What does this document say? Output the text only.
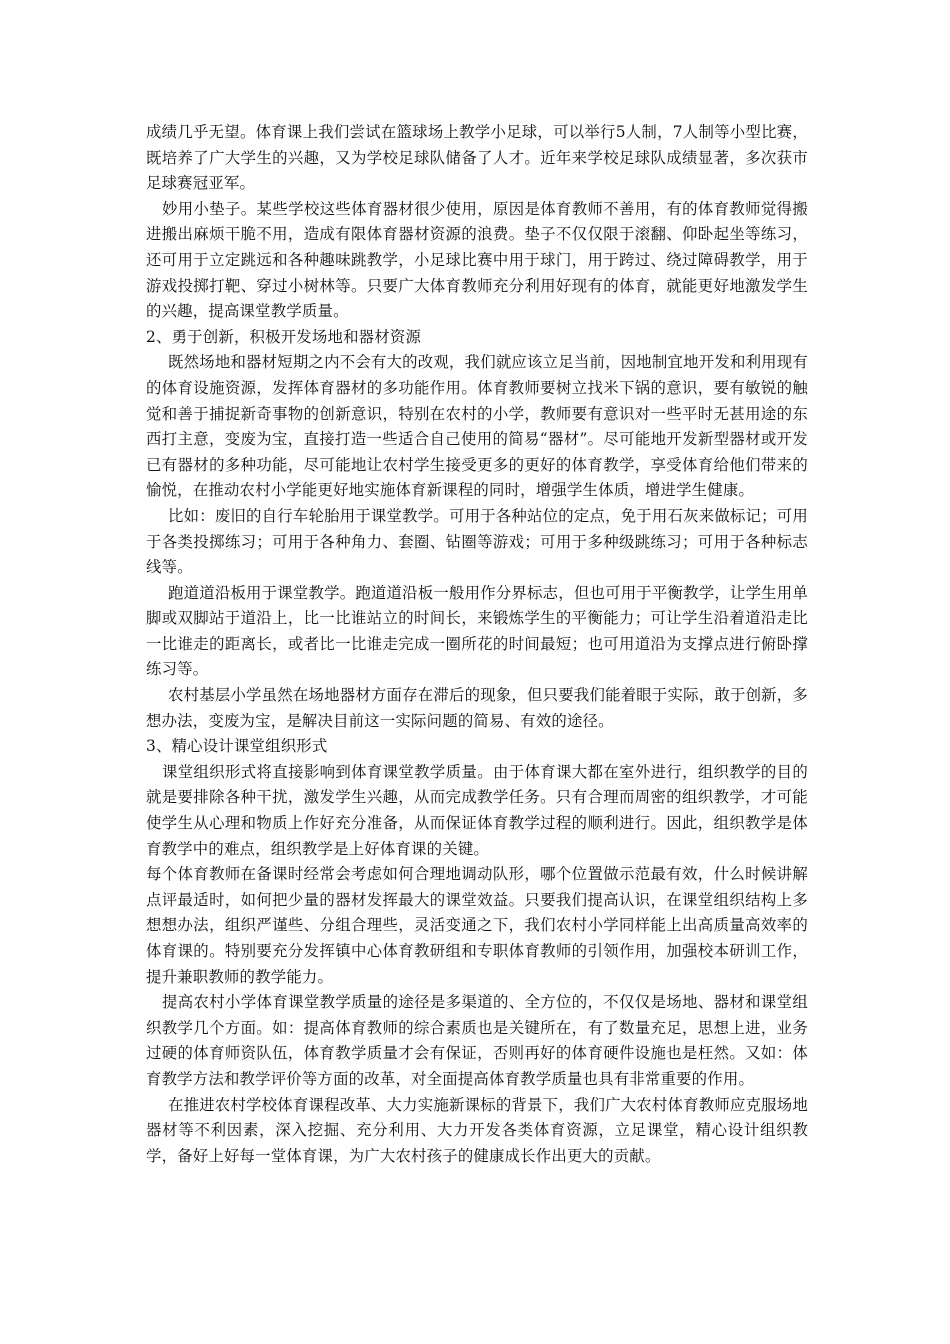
成绩几乎无望。体育课上我们尝试在篮球场上教学小足球，可以举行5人制，7人制等小型比赛，既培养了广大学生的兴趣，又为学校足球队储备了人才。近年来学校足球队成绩显著，多次获市足球赛冠亚军。

妙用小垫子。某些学校这些体育器材很少使用，原因是体育教师不善用，有的体育教师觉得搬进搬出麻烦干脆不用，造成有限体育器材资源的浪费。垫子不仅仅限于滚翻、仰卧起坐等练习，还可用于立定跳远和各种趣味跳教学，小足球比赛中用于球门，用于跨过、绕过障碍教学，用于游戏投掷打靶、穿过小树林等。只要广大体育教师充分利用好现有的体育，就能更好地激发学生的兴趣，提高课堂教学质量。

2、勇于创新，积极开发场地和器材资源

既然场地和器材短期之内不会有大的改观，我们就应该立足当前，因地制宜地开发和利用现有的体育设施资源，发挥体育器材的多功能作用。体育教师要树立找米下锅的意识，要有敏锐的触觉和善于捕捉新奇事物的创新意识，特别在农村的小学，教师要有意识对一些平时无甚用途的东西打主意，变废为宝，直接打造一些适合自己使用的简易“器材”。尽可能地开发新型器材或开发已有器材的多种功能，尽可能地让农村学生接受更多的更好的体育教学，享受体育给他们带来的愉悦，在推动农村小学能更好地实施体育新课程的同时，增强学生体质，增进学生健康。

比如：废旧的自行车轮胎用于课堂教学。可用于各种站位的定点，免于用石灰来做标记；可用于各类投掷练习；可用于各种角力、套圈、钻圈等游戏；可用于多种级跳练习；可用于各种标志线等。

跑道道沿板用于课堂教学。跑道道沿板一般用作分界标志，但也可用于平衡教学，让学生用单脚或双脚站于道沿上，比一比谁站立的时间长，来锻炼学生的平衡能力；可让学生沿着道沿走比一比谁走的距离长，或者比一比谁走完成一圈所花的时间最短；也可用道沿为支撑点进行俯卧撑练习等。

农村基层小学虽然在场地器材方面存在滞后的现象，但只要我们能着眼于实际，敢于创新，多想办法，变废为宝，是解决目前这一实际问题的简易、有效的途径。

3、精心设计课堂组织形式

课堂组织形式将直接影响到体育课堂教学质量。由于体育课大都在室外进行，组织教学的目的就是要排除各种干扰，激发学生兴趣，从而完成教学任务。只有合理而周密的组织教学，才可能使学生从心理和物质上作好充分准备，从而保证体育教学过程的顺利进行。因此，组织教学是体育教学中的难点，组织教学是上好体育课的关键。

每个体育教师在备课时经常会考虑如何合理地调动队形，哪个位置做示范最有效，什么时候讲解点评最适时，如何把少量的器材发挥最大的课堂效益。只要我们提高认识，在课堂组织结构上多想想办法，组织严谨些、分组合理些，灵活变通之下，我们农村小学同样能上出高质量高效率的体育课的。特别要充分发挥镇中心体育教研组和专职体育教师的引领作用，加强校本研训工作，提升兼职教师的教学能力。

提高农村小学体育课堂教学质量的途径是多渠道的、全方位的，不仅仅是场地、器材和课堂组织教学几个方面。如：提高体育教师的综合素质也是关键所在，有了数量充足，思想上进，业务过硬的体育师资队伍，体育教学质量才会有保证，否则再好的体育硬件设施也是枉然。又如：体育教学方法和教学评价等方面的改革，对全面提高体育教学质量也具有非常重要的作用。

在推进农村学校体育课程改革、大力实施新课标的背景下，我们广大农村体育教师应克服场地器材等不利因素，深入挖掘、充分利用、大力开发各类体育资源，立足课堂，精心设计组织教学，备好上好每一堂体育课，为广大农村孩子的健康成长作出更大的贡献。
